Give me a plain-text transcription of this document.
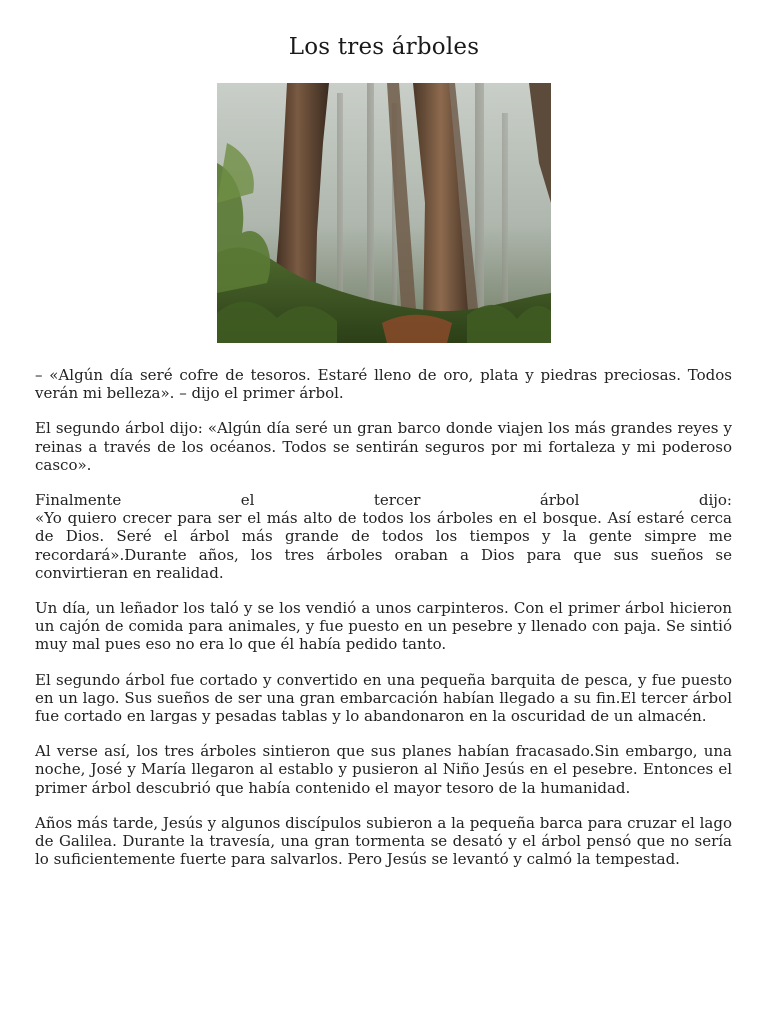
Los tres árboles

– «Algún día seré cofre de tesoros. Estaré lleno de oro, plata y piedras preciosas. Todos verán mi belleza». – dijo el primer árbol.

El segundo árbol dijo: «Algún día seré un gran barco donde viajen los más grandes reyes y reinas a través de los océanos. Todos se sentirán seguros por mi fortaleza y mi poderoso casco».

Finalmente el tercer árbol dijo:
«Yo quiero crecer para ser el más alto de todos los árboles en el bosque. Así estaré cerca de Dios. Seré el árbol más grande de todos los tiempos y la gente simpre me recordará».Durante años, los tres árboles oraban a Dios para que sus sueños se convirtieran en realidad.

Un día, un leñador los taló y se los vendió a unos carpinteros. Con el primer árbol hicieron un cajón de comida para animales, y fue puesto en un pesebre y llenado con paja. Se sintió muy mal pues eso no era lo que él había pedido tanto.

El segundo árbol fue cortado y convertido en una pequeña barquita de pesca, y fue puesto en un lago. Sus sueños de ser una gran embarcación habían llegado a su fin.El tercer árbol fue cortado en largas y pesadas tablas y lo abandonaron en la oscuridad de un almacén.

Al verse así, los tres árboles sintieron que sus planes habían fracasado.Sin embargo, una noche, José y María llegaron al establo y pusieron al Niño Jesús en el pesebre. Entonces el primer árbol descubrió que había contenido el mayor tesoro de la humanidad.

Años más tarde, Jesús y algunos discípulos subieron a la pequeña barca para cruzar el lago de Galilea. Durante la travesía, una gran tormenta se desató y el árbol pensó que no sería lo suficientemente fuerte para salvarlos. Pero Jesús se levantó y calmó la tempestad.
